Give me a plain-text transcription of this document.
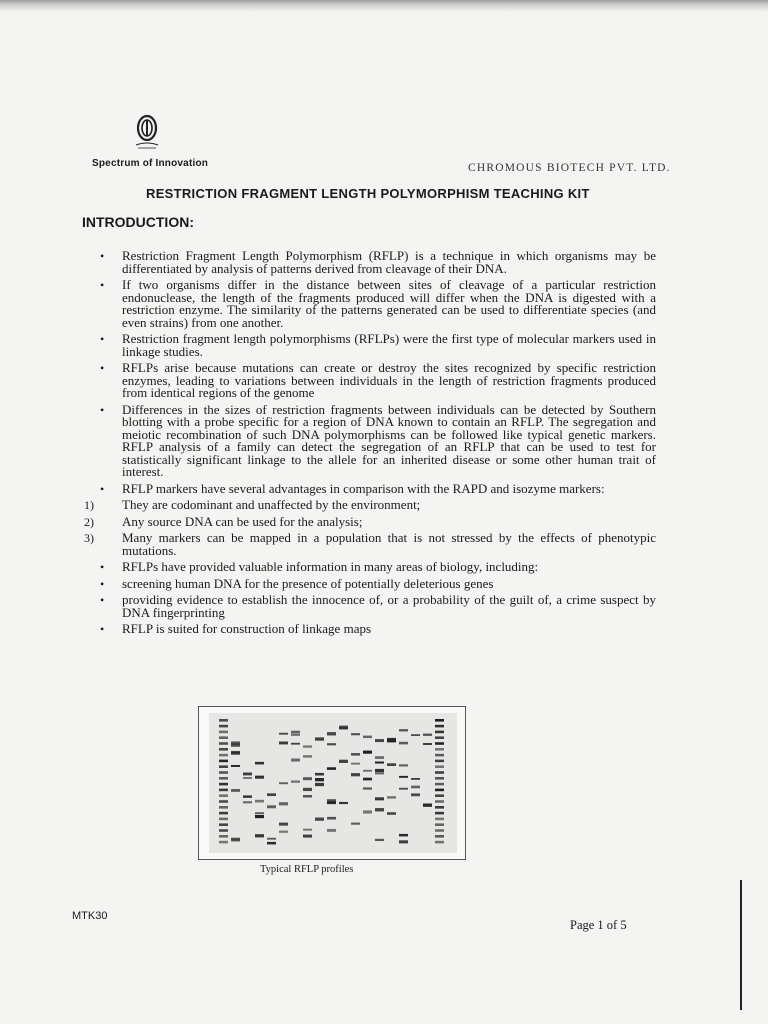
Spectrum of Innovation	CHROMOUS BIOTECH PVT. LTD.
RESTRICTION FRAGMENT LENGTH POLYMORPHISM TEACHING KIT
INTRODUCTION:
•	Restriction Fragment Length Polymorphism (RFLP) is a technique in which organisms may be differentiated by analysis of patterns derived from cleavage of their DNA.
•	If two organisms differ in the distance between sites of cleavage of a particular restriction endonuclease, the length of the fragments produced will differ when the DNA is digested with a restriction enzyme. The similarity of the patterns generated can be used to differentiate species (and even strains) from one another.
•	Restriction fragment length polymorphisms (RFLPs) were the first type of molecular markers used in linkage studies.
•	RFLPs arise because mutations can create or destroy the sites recognized by specific restriction enzymes, leading to variations between individuals in the length of restriction fragments produced from identical regions of the genome
•	Differences in the sizes of restriction fragments between individuals can be detected by Southern blotting with a probe specific for a region of DNA known to contain an RFLP. The segregation and meiotic recombination of such DNA polymorphisms can be followed like typical genetic markers. RFLP analysis of a family can detect the segregation of an RFLP that can be used to test for statistically significant linkage to the allele for an inherited disease or some other human trait of interest.
•	RFLP markers have several advantages in comparison with the RAPD and isozyme markers:
1)	They are codominant and unaffected by the environment;
2)	Any source DNA can be used for the analysis;
3)	Many markers can be mapped in a population that is not stressed by the effects of phenotypic mutations.
•	RFLPs have provided valuable information in many areas of biology, including:
•	screening human DNA for the presence of potentially deleterious genes
•	providing evidence to establish the innocence of, or a probability of the guilt of, a crime suspect by DNA fingerprinting
•	RFLP is suited for construction of linkage maps
Typical RFLP profiles
MTK30
Page 1 of 5
